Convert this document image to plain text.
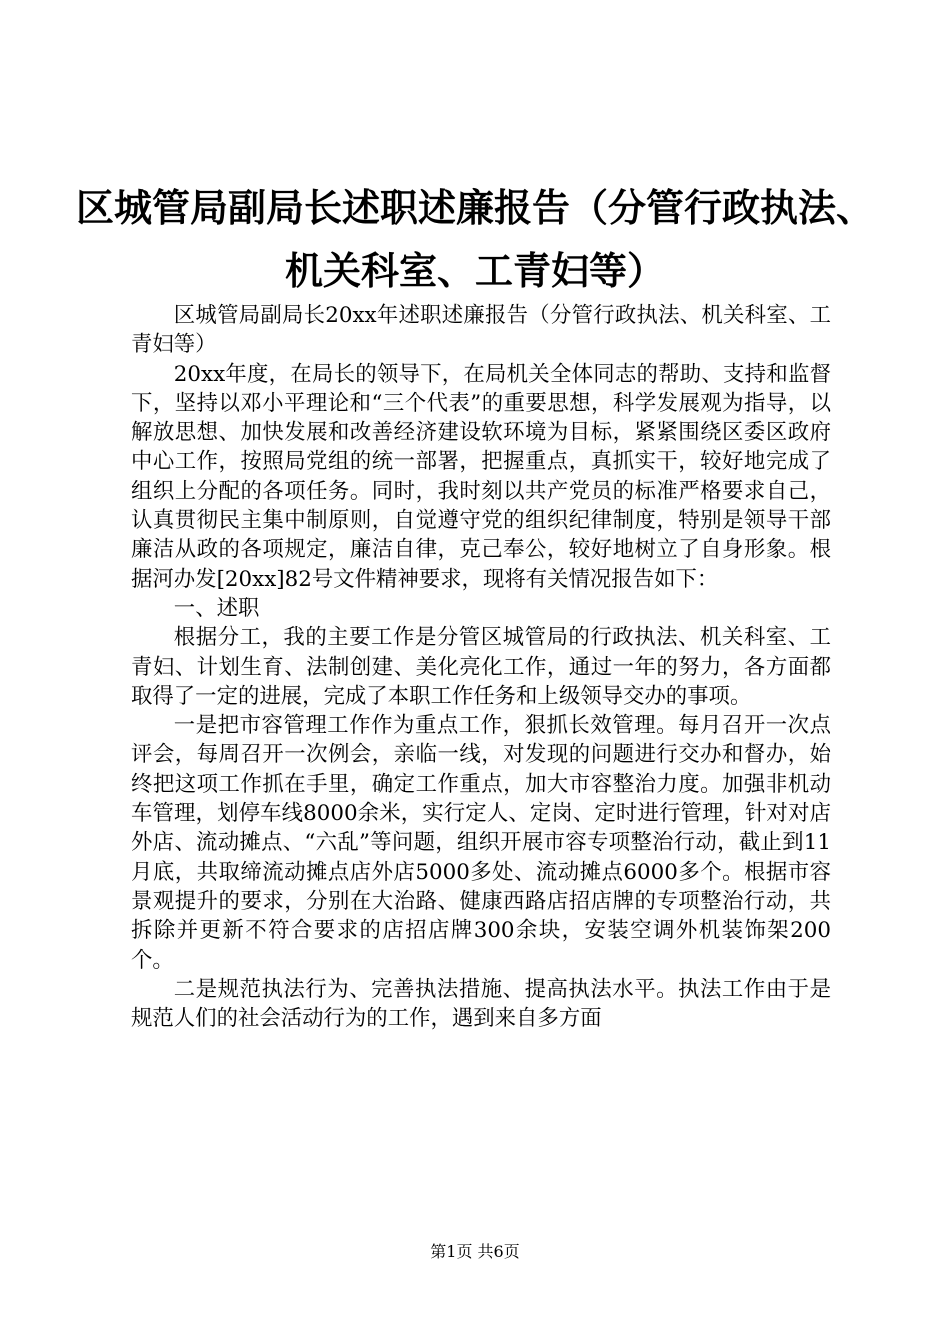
区城管局副局长述职述廉报告（分管行政执法、
机关科室、工青妇等）

区城管局副局长20xx年述职述廉报告（分管行政执法、机关科室、工青妇等）

20xx年度，在局长的领导下，在局机关全体同志的帮助、支持和监督下，坚持以邓小平理论和“三个代表”的重要思想，科学发展观为指导，以解放思想、加快发展和改善经济建设软环境为目标，紧紧围绕区委区政府中心工作，按照局党组的统一部署，把握重点，真抓实干，较好地完成了组织上分配的各项任务。同时，我时刻以共产党员的标准严格要求自己，认真贯彻民主集中制原则，自觉遵守党的组织纪律制度，特别是领导干部廉洁从政的各项规定，廉洁自律，克己奉公，较好地树立了自身形象。根据河办发[20xx]82号文件精神要求，现将有关情况报告如下：

一、述职

根据分工，我的主要工作是分管区城管局的行政执法、机关科室、工青妇、计划生育、法制创建、美化亮化工作，通过一年的努力，各方面都取得了一定的进展，完成了本职工作任务和上级领导交办的事项。

一是把市容管理工作作为重点工作，狠抓长效管理。每月召开一次点评会，每周召开一次例会，亲临一线，对发现的问题进行交办和督办，始终把这项工作抓在手里，确定工作重点，加大市容整治力度。加强非机动车管理，划停车线8000余米，实行定人、定岗、定时进行管理，针对对店外店、流动摊点、“六乱”等问题，组织开展市容专项整治行动，截止到11月底，共取缔流动摊点店外店5000多处、流动摊点6000多个。根据市容景观提升的要求，分别在大治路、健康西路店招店牌的专项整治行动，共拆除并更新不符合要求的店招店牌300余块，安装空调外机装饰架200个。

二是规范执法行为、完善执法措施、提高执法水平。执法工作由于是规范人们的社会活动行为的工作，遇到来自多方面

第1页 共6页
